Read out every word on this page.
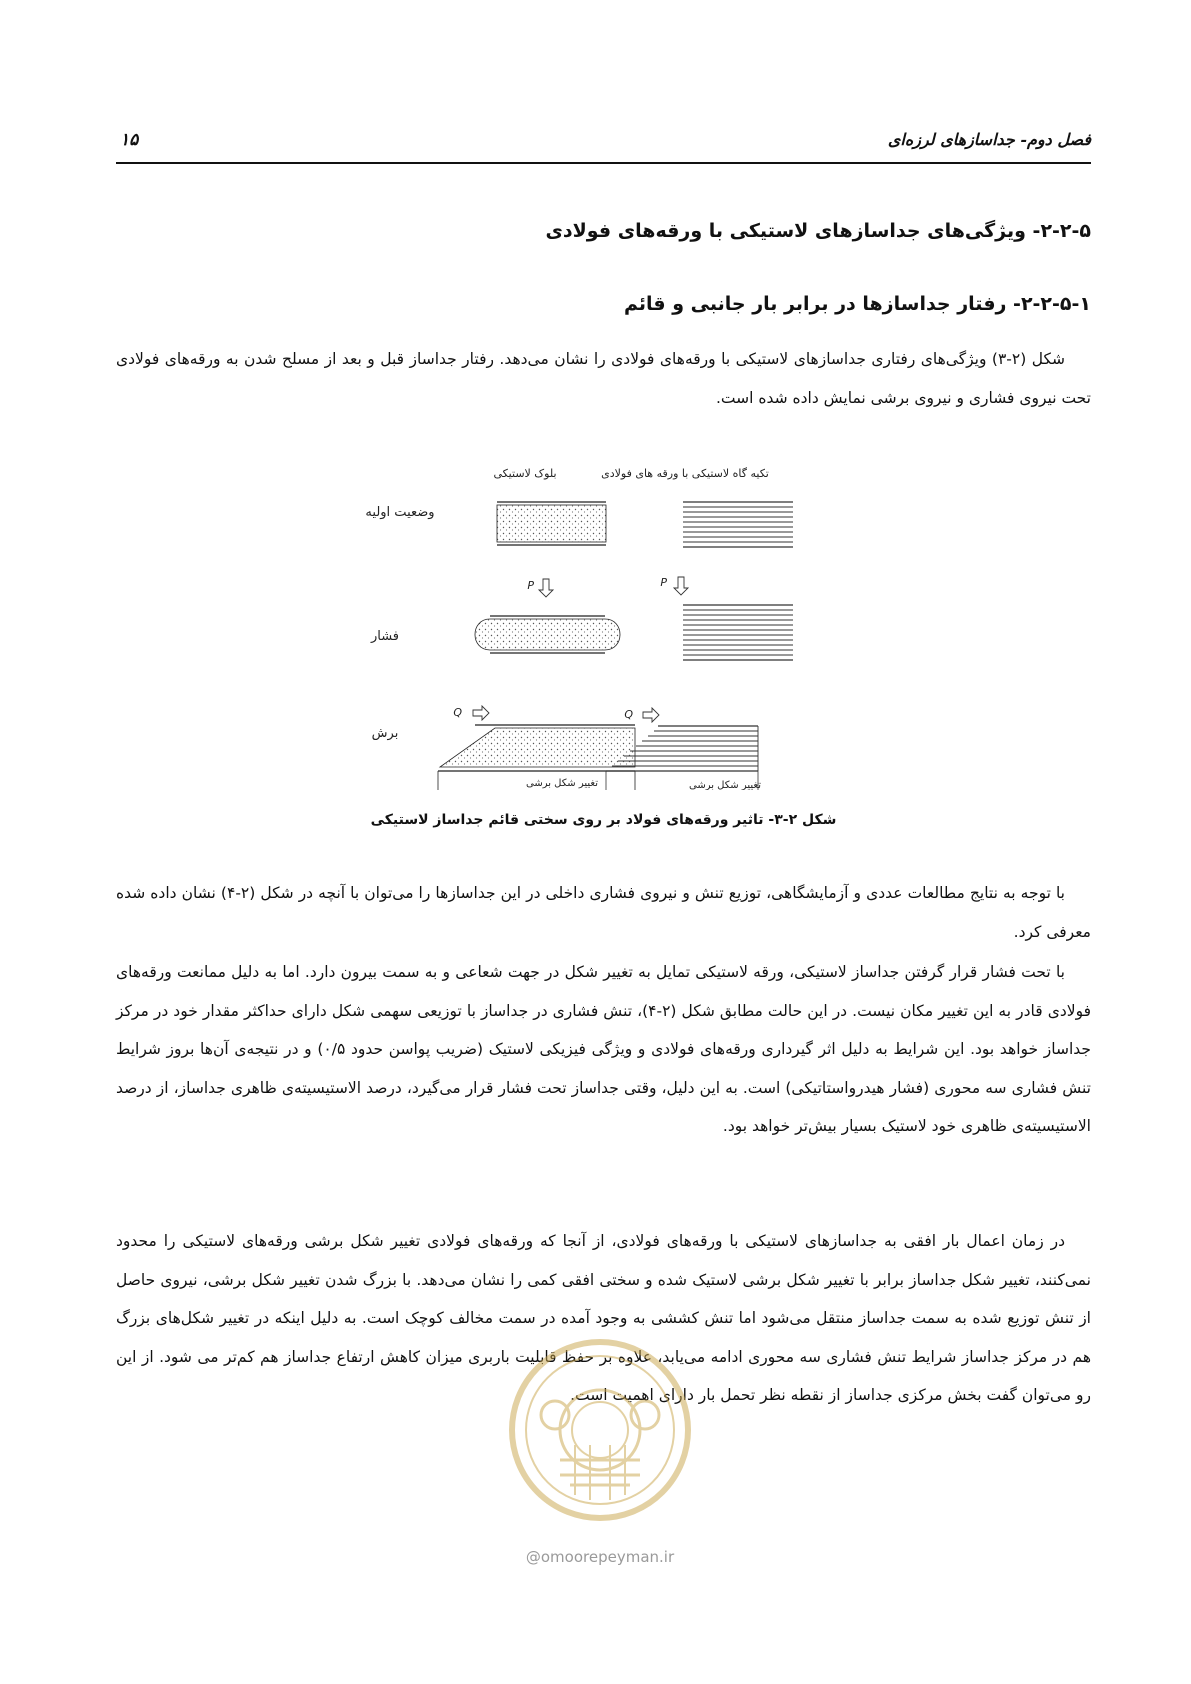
فصل دوم- جداسازهای لرزه‌ای
۱۵
۲-۲-۵- ویژگی‌های جداسازهای لاستیکی با ورقه‌های فولادی
۲-۲-۵-۱- رفتار جداسازها در برابر بار جانبی و قائم

شکل (۲-۳) ویژگی‌های رفتاری جداسازهای لاستیکی با ورقه‌های فولادی را نشان می‌دهد. رفتار جداساز قبل و بعد از مسلح شدن به ورقه‌های فولادی تحت نیروی فشاری و نیروی برشی نمایش داده شده است.

بلوک لاستیکی	تکیه گاه لاستیکی با ورقه های فولادی
وضعیت اولیه
فشار
برش
P	P
Q
تغییر شکل برشی
Q
تغییر شکل برشی

شکل ۲-۳- تاثیر ورقه‌های فولاد بر روی سختی قائم جداساز لاستیکی

با توجه به نتایج مطالعات عددی و آزمایشگاهی، توزیع تنش و نیروی فشاری داخلی در این جداسازها را می‌توان با آنچه در شکل (۲-۴) نشان داده شده معرفی کرد.

با تحت فشار قرار گرفتن جداساز لاستیکی، ورقه لاستیکی تمایل به تغییر شکل در جهت شعاعی و به سمت بیرون دارد. اما به دلیل ممانعت ورقه‌های فولادی قادر به این تغییر مکان نیست. در این حالت مطابق شکل (۲-۴)، تنش فشاری در جداساز با توزیعی سهمی شکل دارای حداکثر مقدار خود در مرکز جداساز خواهد بود. این شرایط به دلیل اثر گیرداری ورقه‌های فولادی و ویژگی فیزیکی لاستیک (ضریب پواسن حدود ۰/۵) و در نتیجه‌ی آن‌ها بروز شرایط تنش فشاری سه محوری (فشار هیدرواستاتیکی) است. به این دلیل، وقتی جداساز تحت فشار قرار می‌گیرد، درصد الاستیسیته‌ی ظاهری جداساز، از درصد الاستیسیته‌ی ظاهری خود لاستیک بسیار بیش‌تر خواهد بود.

در زمان اعمال بار افقی به جداسازهای لاستیکی با ورقه‌های فولادی، از آنجا که ورقه‌های فولادی تغییر شکل برشی ورقه‌های لاستیکی را محدود نمی‌کنند، تغییر شکل جداساز برابر با تغییر شکل برشی لاستیک شده و سختی افقی کمی را نشان می‌دهد. با بزرگ شدن تغییر شکل برشی، نیروی حاصل از تنش توزیع شده به سمت جداساز منتقل می‌شود اما تنش کششی به وجود آمده در سمت مخالف کوچک است. به دلیل اینکه در تغییر شکل‌های بزرگ هم در مرکز جداساز شرایط تنش فشاری سه محوری ادامه می‌یابد، علاوه بر حفظ قابلیت باربری میزان کاهش ارتفاع جداساز هم کم‌تر می شود. از این رو می‌توان گفت بخش مرکزی جداساز از نقطه نظر تحمل بار دارای اهمیت است.

@omoorepeyman.ir
